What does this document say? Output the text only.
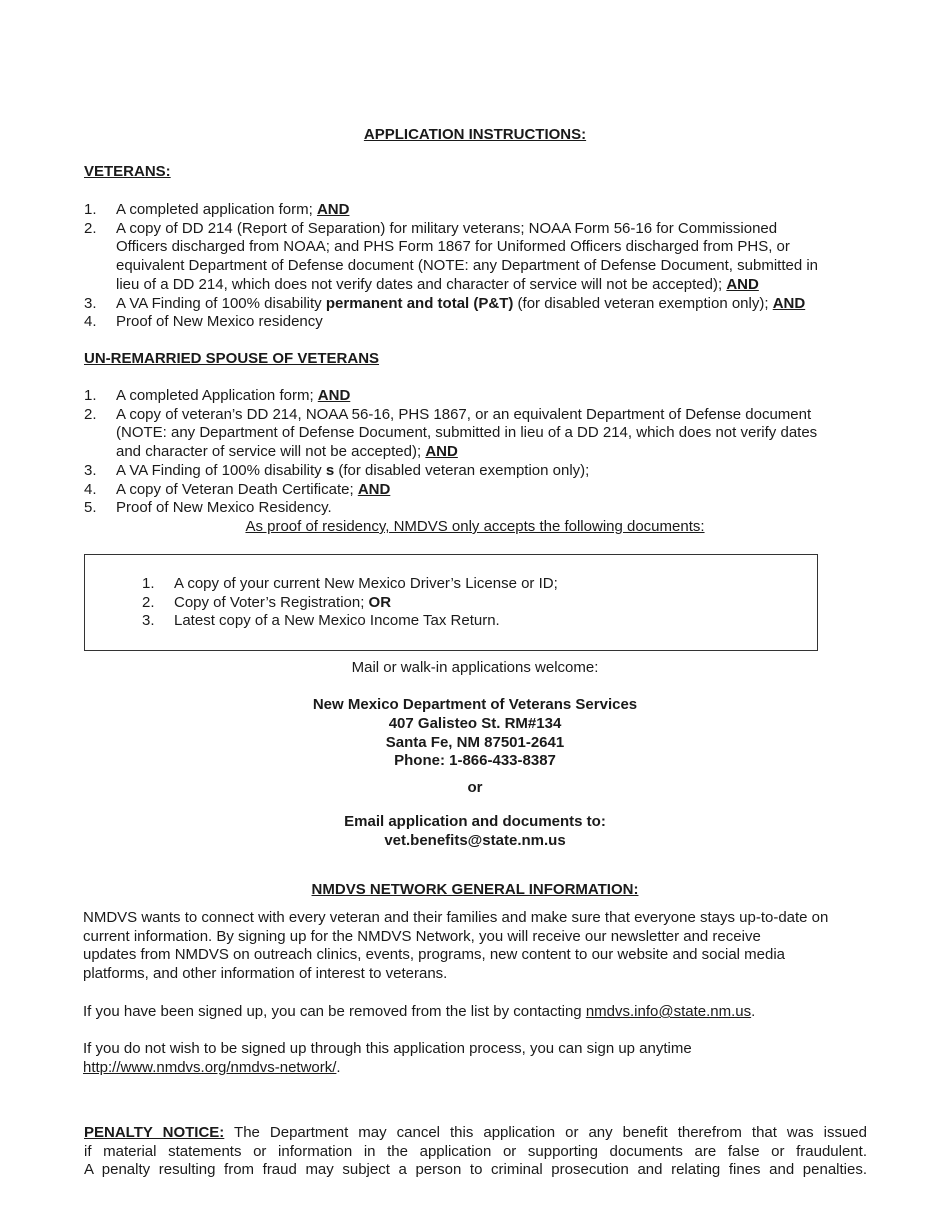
APPLICATION INSTRUCTIONS:
VETERANS:
1. A completed application form; AND
2. A copy of DD 214 (Report of Separation) for military veterans; NOAA Form 56-16 for Commissioned
Officers discharged from NOAA; and PHS Form 1867 for Uniformed Officers discharged from PHS, or
equivalent Department of Defense document (NOTE: any Department of Defense Document, submitted in
lieu of a DD 214, which does not verify dates and character of service will not be accepted); AND
3. A VA Finding of 100% disability permanent and total (P&T) (for disabled veteran exemption only); AND
4. Proof of New Mexico residency
UN-REMARRIED SPOUSE OF VETERANS
1. A completed Application form; AND
2. A copy of veteran’s DD 214, NOAA 56-16, PHS 1867, or an equivalent Department of Defense document
(NOTE: any Department of Defense Document, submitted in lieu of a DD 214, which does not verify dates
and character of service will not be accepted); AND
3. A VA Finding of 100% disability s (for disabled veteran exemption only);
4. A copy of Veteran Death Certificate; AND
5. Proof of New Mexico Residency.
As proof of residency, NMDVS only accepts the following documents:
1. A copy of your current New Mexico Driver’s License or ID;
2. Copy of Voter’s Registration; OR
3. Latest copy of a New Mexico Income Tax Return.
Mail or walk-in applications welcome:
New Mexico Department of Veterans Services
407 Galisteo St. RM#134
Santa Fe, NM 87501-2641
Phone: 1-866-433-8387
or
Email application and documents to:
vet.benefits@state.nm.us
NMDVS NETWORK GENERAL INFORMATION:
NMDVS wants to connect with every veteran and their families and make sure that everyone stays up-to-date on
current information. By signing up for the NMDVS Network, you will receive our newsletter and receive
updates from NMDVS on outreach clinics, events, programs, new content to our website and social media
platforms, and other information of interest to veterans.
If you have been signed up, you can be removed from the list by contacting nmdvs.info@state.nm.us.
If you do not wish to be signed up through this application process, you can sign up anytime
http://www.nmdvs.org/nmdvs-network/.
PENALTY NOTICE: The Department may cancel this application or any benefit therefrom that was issued
if material statements or information in the application or supporting documents are false or fraudulent.
A penalty resulting from fraud may subject a person to criminal prosecution and relating fines and penalties.
